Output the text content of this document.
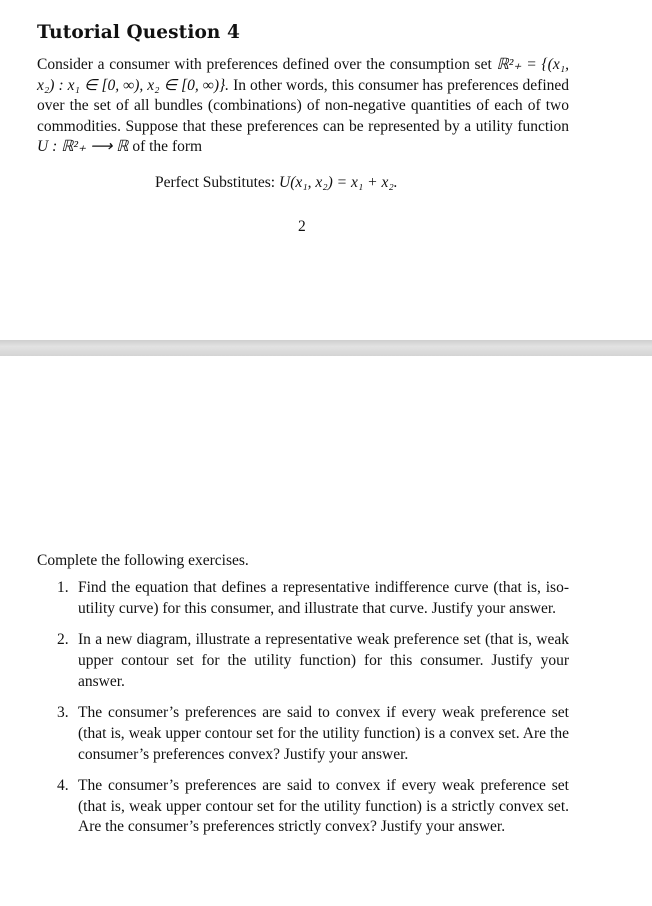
Tutorial Question 4
Consider a consumer with preferences defined over the consumption set ℝ²₊ = {(x₁, x₂) : x₁ ∈ [0, ∞), x₂ ∈ [0, ∞)}. In other words, this consumer has preferences defined over the set of all bundles (combinations) of non-negative quantities of each of two commodities. Suppose that these preferences can be represented by a utility function U : ℝ²₊ ⟶ ℝ of the form
Perfect Substitutes: U(x₁, x₂) = x₁ + x₂.
2
Complete the following exercises.
1. Find the equation that defines a representative indifference curve (that is, iso-utility curve) for this consumer, and illustrate that curve. Justify your answer.
2. In a new diagram, illustrate a representative weak preference set (that is, weak upper contour set for the utility function) for this consumer. Justify your answer.
3. The consumer’s preferences are said to convex if every weak preference set (that is, weak upper contour set for the utility function) is a convex set. Are the consumer’s preferences convex? Justify your answer.
4. The consumer’s preferences are said to convex if every weak preference set (that is, weak upper contour set for the utility function) is a strictly convex set. Are the consumer’s preferences strictly convex? Justify your answer.
